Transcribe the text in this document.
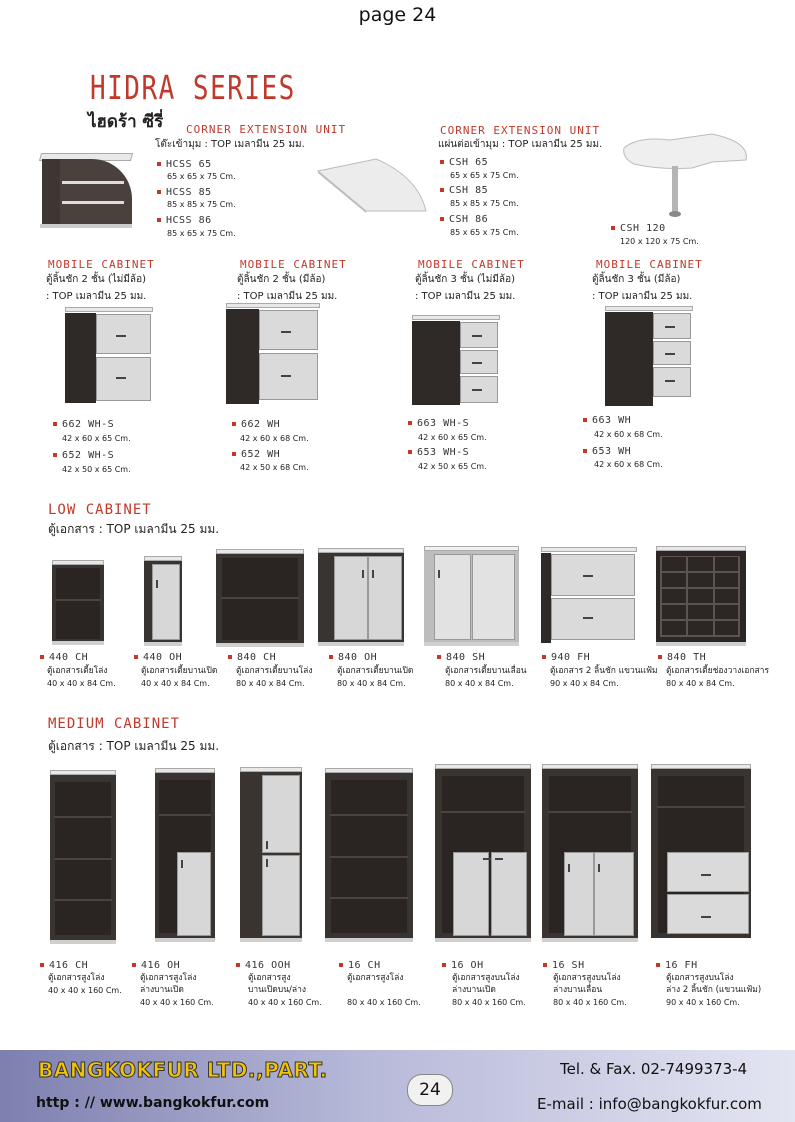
page 24
HIDRA SERIES
ไฮดร้า ซีรี่ CORNER EXTENSION UNIT
โต๊ะเข้ามุม : TOP เมลามีน 25 มม.
HCSS 65
65 x 65 x 75 Cm.
HCSS 85
85 x 85 x 75 Cm.
HCSS 86
85 x 65 x 75 Cm.
CORNER EXTENSION UNIT
แผ่นต่อเข้ามุม : TOP เมลามีน 25 มม.
CSH 65
65 x 65 x 75 Cm.
CSH 85
85 x 85 x 75 Cm.
CSH 86
85 x 65 x 75 Cm.	CSH 120
120 x 120 x 75 Cm.
MOBILE CABINET
ตู้ลิ้นชัก 2 ชั้น (ไม่มีล้อ)
: TOP เมลามีน 25 มม.
662 WH-S
42 x 60 x 65 Cm.
652 WH-S
42 x 50 x 65 Cm.
MOBILE CABINET
ตู้ลิ้นชัก 2 ชั้น (มีล้อ)
: TOP เมลามีน 25 มม.
662 WH
42 x 60 x 68 Cm.
652 WH
42 x 50 x 68 Cm.
MOBILE CABINET
ตู้ลิ้นชัก 3 ชั้น (ไม่มีล้อ)
: TOP เมลามีน 25 มม.
663 WH-S
42 x 60 x 65 Cm.
653 WH-S
42 x 50 x 65 Cm.
MOBILE CABINET
ตู้ลิ้นชัก 3 ชั้น (มีล้อ)
: TOP เมลามีน 25 มม.
663 WH
42 x 60 x 68 Cm.
653 WH
42 x 60 x 68 Cm.
LOW CABINET
ตู้เอกสาร : TOP เมลามีน 25 มม.
440 CH
ตู้เอกสารเตี้ยโล่ง
40 x 40 x 84 Cm.
440 OH
ตู้เอกสารเตี้ยบานเปิด
40 x 40 x 84 Cm.
840 CH
ตู้เอกสารเตี้ยบานโล่ง
80 x 40 x 84 Cm.
840 OH
ตู้เอกสารเตี้ยบานเปิด
80 x 40 x 84 Cm.
840 SH
ตู้เอกสารเตี้ยบานเลื่อน
80 x 40 x 84 Cm.
940 FH
ตู้เอกสาร 2 ลิ้นชัก แขวนแฟ้ม
90 x 40 x 84 Cm.
840 TH
ตู้เอกสารเตี้ยช่องวางเอกสาร
80 x 40 x 84 Cm.
MEDIUM CABINET
ตู้เอกสาร : TOP เมลามีน 25 มม.
416 CH
ตู้เอกสารสูงโล่ง
40 x 40 x 160 Cm.
416 OH
ตู้เอกสารสูงโล่ง
ล่างบานเปิด
40 x 40 x 160 Cm.
416 OOH
ตู้เอกสารสูง
บานเปิดบน/ล่าง
40 x 40 x 160 Cm.
16 CH
ตู้เอกสารสูงโล่ง
80 x 40 x 160 Cm.
16 OH
ตู้เอกสารสูงบนโล่ง
ล่างบานเปิด
80 x 40 x 160 Cm.
16 SH
ตู้เอกสารสูงบนโล่ง
ล่างบานเลื่อน
80 x 40 x 160 Cm.
16 FH
ตู้เอกสารสูงบนโล่ง
ล่าง 2 ลิ้นชัก (แขวนแฟ้ม)
90 x 40 x 160 Cm.
BANGKOKFUR LTD.,PART.
http : // www.bangkokfur.com
Tel. & Fax. 02-7499373-4
E-mail : info@bangkokfur.com
24
